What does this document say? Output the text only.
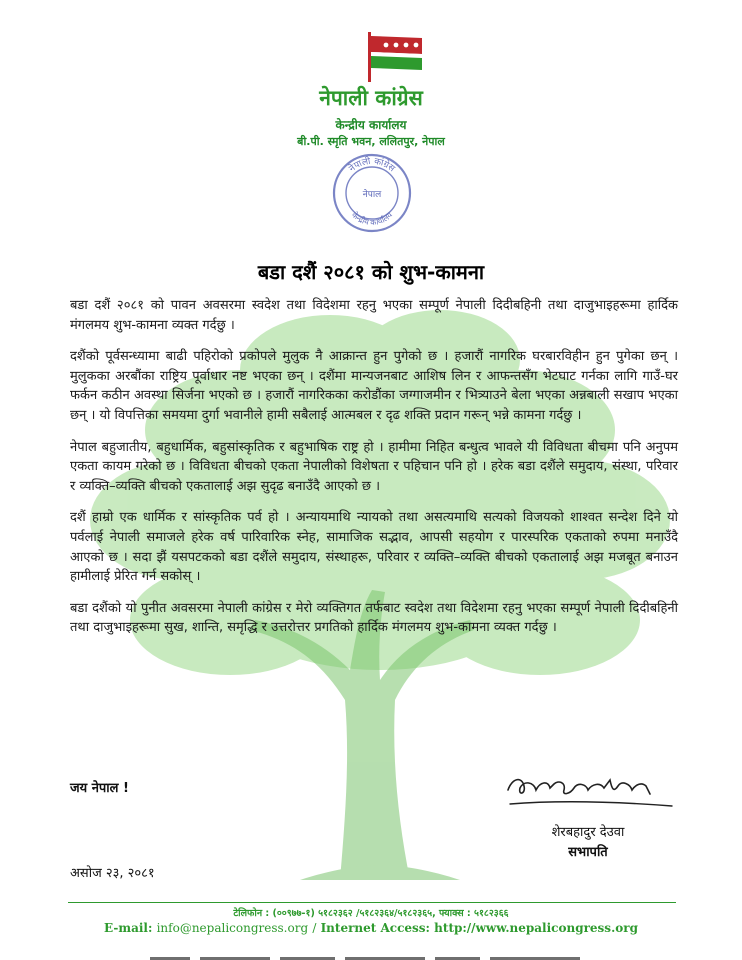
नेपाली कांग्रेस
केन्द्रीय कार्यालय
बी.पी. स्मृति भवन, ललितपुर, नेपाल
नेपाली कांग्रेस
नेपाल
केन्द्रीय कार्यालय
बडा दशैं २०८१ को शुभ-कामना

बडा दशैं २०८१ को पावन अवसरमा स्वदेश तथा विदेशमा रहनु भएका सम्पूर्ण नेपाली दिदीबहिनी तथा दाजुभाइहरूमा हार्दिक मंगलमय शुभ-कामना व्यक्त गर्दछु ।

दशैंको पूर्वसन्ध्यामा बाढी पहिरोको प्रकोपले मुलुक नै आक्रान्त हुन पुगेको छ । हजारौं नागरिक घरबारविहीन हुन पुगेका छन् । मुलुकका अरबौंका राष्ट्रिय पूर्वाधार नष्ट भएका छन् । दशैंमा मान्यजनबाट आशिष लिन र आफन्तसँग भेटघाट गर्नका लागि गाउँ-घर फर्कन कठीन अवस्था सिर्जना भएको छ । हजारौं नागरिकका करोडौंका जग्गाजमीन र भित्र्याउने बेला भएका अन्नबाली सखाप भएका छन् । यो विपत्तिका समयमा दुर्गा भवानीले हामी सबैलाई आत्मबल र दृढ शक्ति प्रदान गरून् भन्ने कामना गर्दछु ।

नेपाल बहुजातीय, बहुधार्मिक, बहुसांस्कृतिक र बहुभाषिक राष्ट्र हो । हामीमा निहित बन्धुत्व भावले यी विविधता बीचमा पनि अनुपम एकता कायम गरेको छ । विविधता बीचको एकता नेपालीको विशेषता र पहिचान पनि हो । हरेक बडा दशैंले समुदाय, संस्था, परिवार र व्यक्ति–व्यक्ति बीचको एकतालाई अझ सुदृढ बनाउँदै आएको छ ।

दशैं हाम्रो एक धार्मिक र सांस्कृतिक पर्व हो । अन्यायमाथि न्यायको तथा असत्यमाथि सत्यको विजयको शाश्वत सन्देश दिने यो पर्वलाई नेपाली समाजले हरेक वर्ष पारिवारिक स्नेह, सामाजिक सद्भाव, आपसी सहयोग र पारस्परिक एकताको रुपमा मनाउँदै आएको छ । सदा झैं यसपटकको बडा दशैंले समुदाय, संस्थाहरू, परिवार र व्यक्ति–व्यक्ति बीचको एकतालाई अझ मजबूत बनाउन हामीलाई प्रेरित गर्न सकोस् ।

बडा दशैंको यो पुनीत अवसरमा नेपाली कांग्रेस र मेरो व्यक्तिगत तर्फबाट स्वदेश तथा विदेशमा रहनु भएका सम्पूर्ण नेपाली दिदीबहिनी तथा दाजुभाइहरूमा सुख, शान्ति, समृद्धि र उत्तरोत्तर प्रगतिको हार्दिक मंगलमय शुभ-कामना व्यक्त गर्दछु ।

जय नेपाल !
शेरबहादुर देउवा
सभापति
असोज २३, २०८१
टेलिफोन : (००९७७-१) ५१८२३६२ /५१८२३६४/५१८२३६५, फ्याक्स : ५१८२३६६
E-mail: info@nepalicongress.org / Internet Access: http://www.nepalicongress.org
